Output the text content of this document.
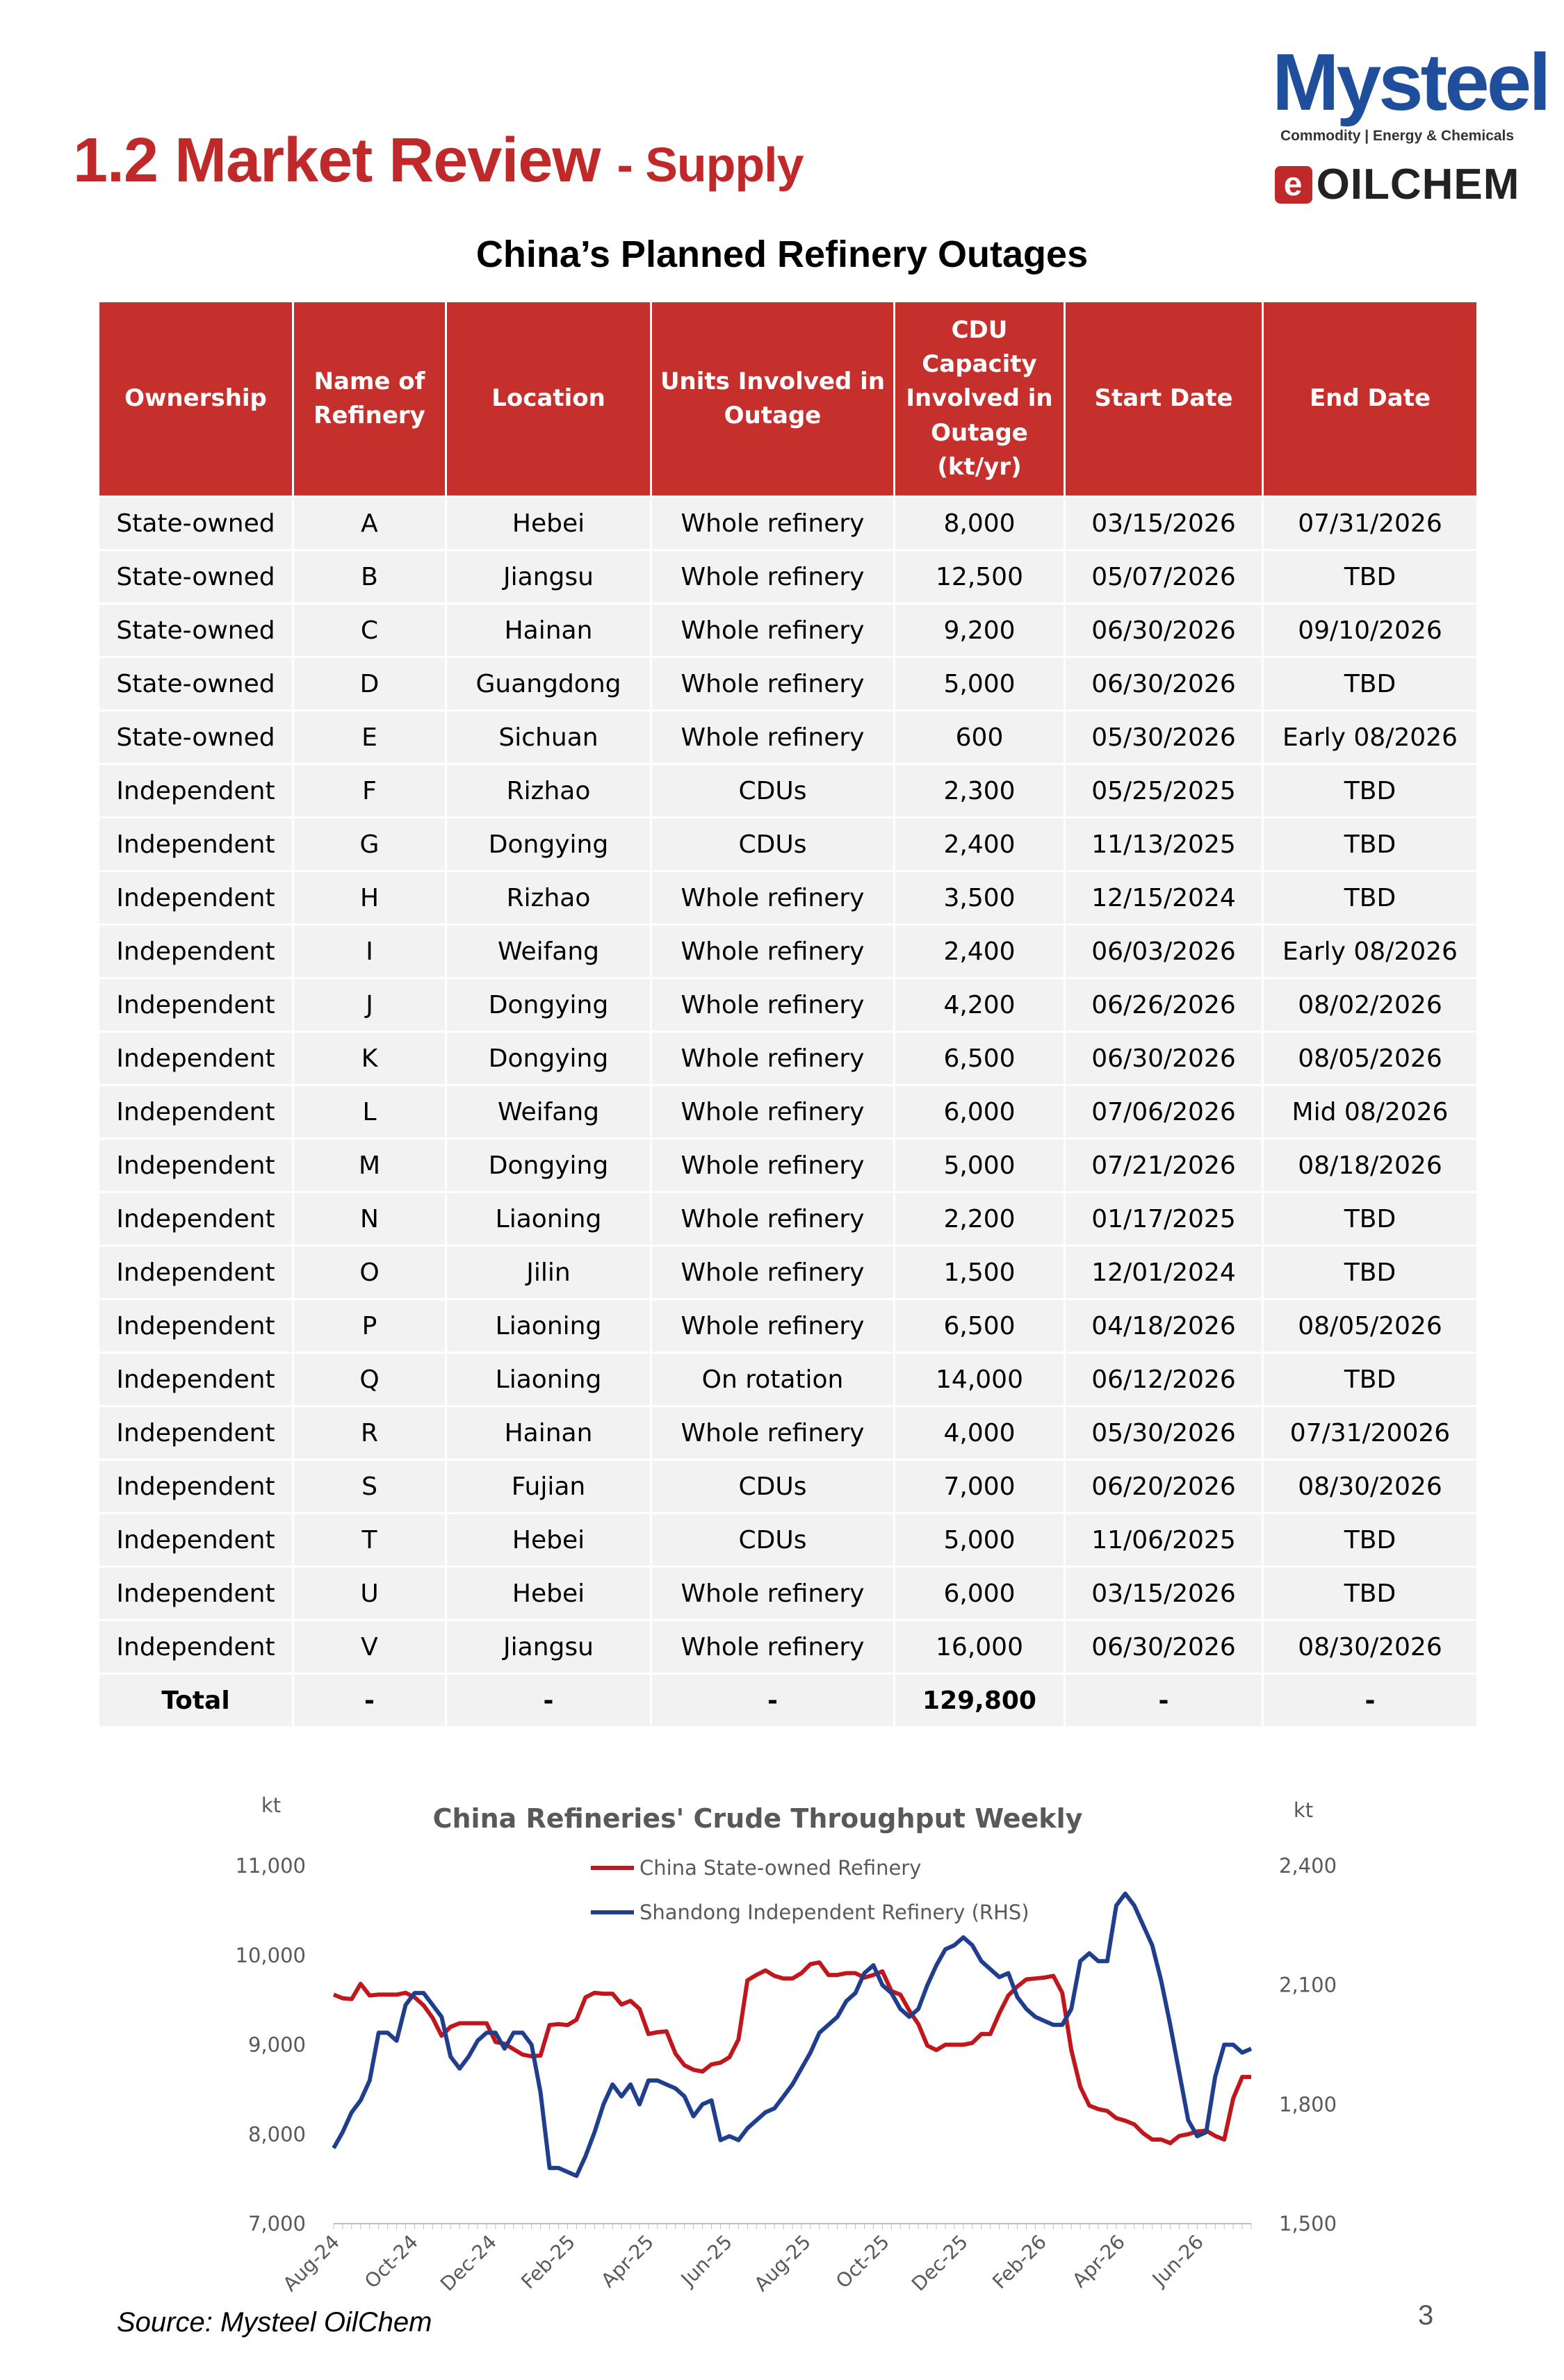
1.2 Market Review - Supply
Mysteel
Commodity | Energy & Chemicals
e OILCHEM
China’s Planned Refinery Outages
Ownership	Name of Refinery	Location	Units Involved in Outage	CDU Capacity Involved in Outage (kt/yr)	Start Date	End Date
State-owned	A	Hebei	Whole refinery	8,000	03/15/2026	07/31/2026
State-owned	B	Jiangsu	Whole refinery	12,500	05/07/2026	TBD
State-owned	C	Hainan	Whole refinery	9,200	06/30/2026	09/10/2026
State-owned	D	Guangdong	Whole refinery	5,000	06/30/2026	TBD
State-owned	E	Sichuan	Whole refinery	600	05/30/2026	Early 08/2026
Independent	F	Rizhao	CDUs	2,300	05/25/2025	TBD
Independent	G	Dongying	CDUs	2,400	11/13/2025	TBD
Independent	H	Rizhao	Whole refinery	3,500	12/15/2024	TBD
Independent	I	Weifang	Whole refinery	2,400	06/03/2026	Early 08/2026
Independent	J	Dongying	Whole refinery	4,200	06/26/2026	08/02/2026
Independent	K	Dongying	Whole refinery	6,500	06/30/2026	08/05/2026
Independent	L	Weifang	Whole refinery	6,000	07/06/2026	Mid 08/2026
Independent	M	Dongying	Whole refinery	5,000	07/21/2026	08/18/2026
Independent	N	Liaoning	Whole refinery	2,200	01/17/2025	TBD
Independent	O	Jilin	Whole refinery	1,500	12/01/2024	TBD
Independent	P	Liaoning	Whole refinery	6,500	04/18/2026	08/05/2026
Independent	Q	Liaoning	On rotation	14,000	06/12/2026	TBD
Independent	R	Hainan	Whole refinery	4,000	05/30/2026	07/31/20026
Independent	S	Fujian	CDUs	7,000	06/20/2026	08/30/2026
Independent	T	Hebei	CDUs	5,000	11/06/2025	TBD
Independent	U	Hebei	Whole refinery	6,000	03/15/2026	TBD
Independent	V	Jiangsu	Whole refinery	16,000	06/30/2026	08/30/2026
Total	-	-	-	129,800	-	-
China Refineries' Crude Throughput Weekly
kt	kt
11,000
10,000
9,000
8,000
7,000
2,400
2,100
1,800
1,500
Aug-24 Oct-24 Dec-24 Feb-25 Apr-25 Jun-25 Aug-25 Oct-25 Dec-25 Feb-26 Apr-26 Jun-26
China State-owned Refinery
Shandong Independent Refinery (RHS)
Source: Mysteel OilChem	3
